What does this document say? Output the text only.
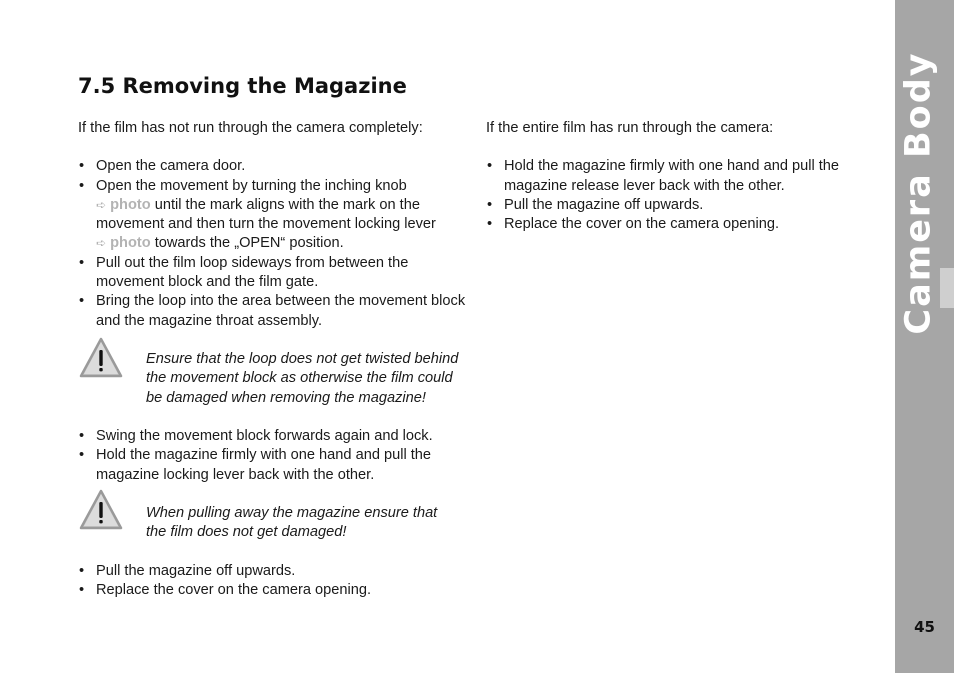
7.5 Removing the Magazine

If the film has not run through the camera completely:

• Open the camera door.
• Open the movement by turning the inching knob
➪ photo until the mark aligns with the mark on the
movement and then turn the movement locking lever
➪ photo towards the „OPEN“ position.
• Pull out the film loop sideways from between the movement block and the film gate.
• Bring the loop into the area between the movement block and the magazine throat assembly.
Ensure that the loop does not get twisted behind
the movement block as otherwise the film could
be damaged when removing the magazine!
• Swing the movement block forwards again and lock.
• Hold the magazine firmly with one hand and pull the magazine locking lever back with the other.
When pulling away the magazine ensure that
the film does not get damaged!
• Pull the magazine off upwards.
• Replace the cover on the camera opening.

If the entire film has run through the camera:

• Hold the magazine firmly with one hand and pull the magazine release lever back with the other.
• Pull the magazine off upwards.
• Replace the cover on the camera opening.	Camera Body
45
